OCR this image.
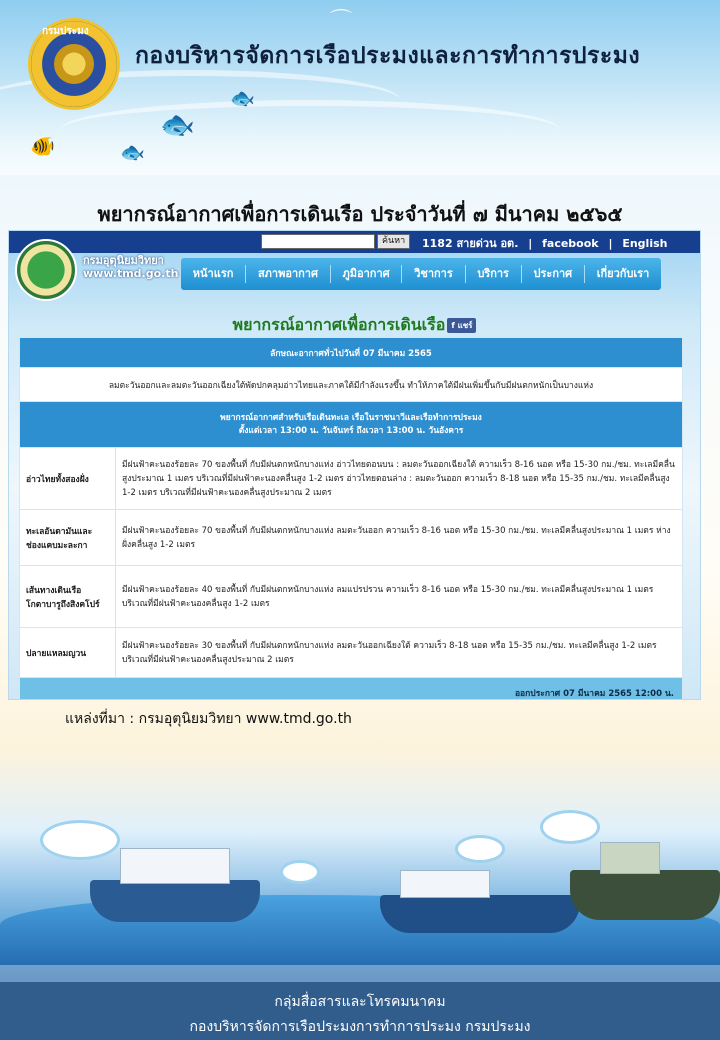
⌒
กรมประมง
กองบริหารจัดการเรือประมงและการทำการประมง
🐟
🐟
🐠	🐟
พยากรณ์อากาศเพื่อการเดินเรือ ประจำวันที่ ๗ มีนาคม ๒๕๖๕
ค้นหา	1182 สายด่วน อต. | facebook | English
กรมอุตุนิยมวิทยา
www.tmd.go.th	หน้าแรก	สภาพอากาศ	ภูมิอากาศ	วิชาการ	บริการ	ประกาศ	เกี่ยวกับเรา
พยากรณ์อากาศเพื่อการเดินเรือ f แชร์
ลักษณะอากาศทั่วไปวันที่ 07 มีนาคม 2565	
ลมตะวันออกและลมตะวันออกเฉียงใต้พัดปกคลุมอ่าวไทยและภาคใต้มีกำลังแรงขึ้น ทำให้ภาคใต้มีฝนเพิ่มขึ้นกับมีฝนตกหนักเป็นบางแห่ง	

พยากรณ์อากาศสำหรับเรือเดินทะเล เรือในราชนาวีและเรือทำการประมง
ตั้งแต่เวลา 13:00 น. วันจันทร์ ถึงเวลา 13:00 น. วันอังคาร	

อ่าวไทยทั้งสองฝั่ง	มีฝนฟ้าคะนองร้อยละ 70 ของพื้นที่ กับมีฝนตกหนักบางแห่ง อ่าวไทยตอนบน : ลมตะวันออกเฉียงใต้ ความเร็ว 8-16 นอต หรือ 15-30 กม./ชม. ทะเลมีคลื่นสูงประมาณ 1 เมตร บริเวณที่มีฝนฟ้าคะนองคลื่นสูง 1-2 เมตร อ่าวไทยตอนล่าง : ลมตะวันออก ความเร็ว 8-18 นอต หรือ 15-35 กม./ชม. ทะเลมีคลื่นสูง 1-2 เมตร บริเวณที่มีฝนฟ้าคะนองคลื่นสูงประมาณ 2 เมตร
ทะเลอันดามันและช่องแคบมะละกา	มีฝนฟ้าคะนองร้อยละ 70 ของพื้นที่ กับมีฝนตกหนักบางแห่ง ลมตะวันออก ความเร็ว 8-16 นอต หรือ 15-30 กม./ชม. ทะเลมีคลื่นสูงประมาณ 1 เมตร ห่างฝั่งคลื่นสูง 1-2 เมตร
เส้นทางเดินเรือโกตาบารูถึงสิงคโปร์	มีฝนฟ้าคะนองร้อยละ 40 ของพื้นที่ กับมีฝนตกหนักบางแห่ง ลมแปรปรวน ความเร็ว 8-16 นอต หรือ 15-30 กม./ชม. ทะเลมีคลื่นสูงประมาณ 1 เมตร บริเวณที่มีฝนฟ้าคะนองคลื่นสูง 1-2 เมตร
ปลายแหลมญวน	มีฝนฟ้าคะนองร้อยละ 30 ของพื้นที่ กับมีฝนตกหนักบางแห่ง ลมตะวันออกเฉียงใต้ ความเร็ว 8-18 นอต หรือ 15-35 กม./ชม. ทะเลมีคลื่นสูง 1-2 เมตร บริเวณที่มีฝนฟ้าคะนองคลื่นสูงประมาณ 2 เมตร
ออกประกาศ 07 มีนาคม 2565 12:00 น.	
แหล่งที่มา : กรมอุตุนิยมวิทยา www.tmd.go.th
กลุ่มสื่อสารและโทรคมนาคม
กองบริหารจัดการเรือประมงการทำการประมง กรมประมง
